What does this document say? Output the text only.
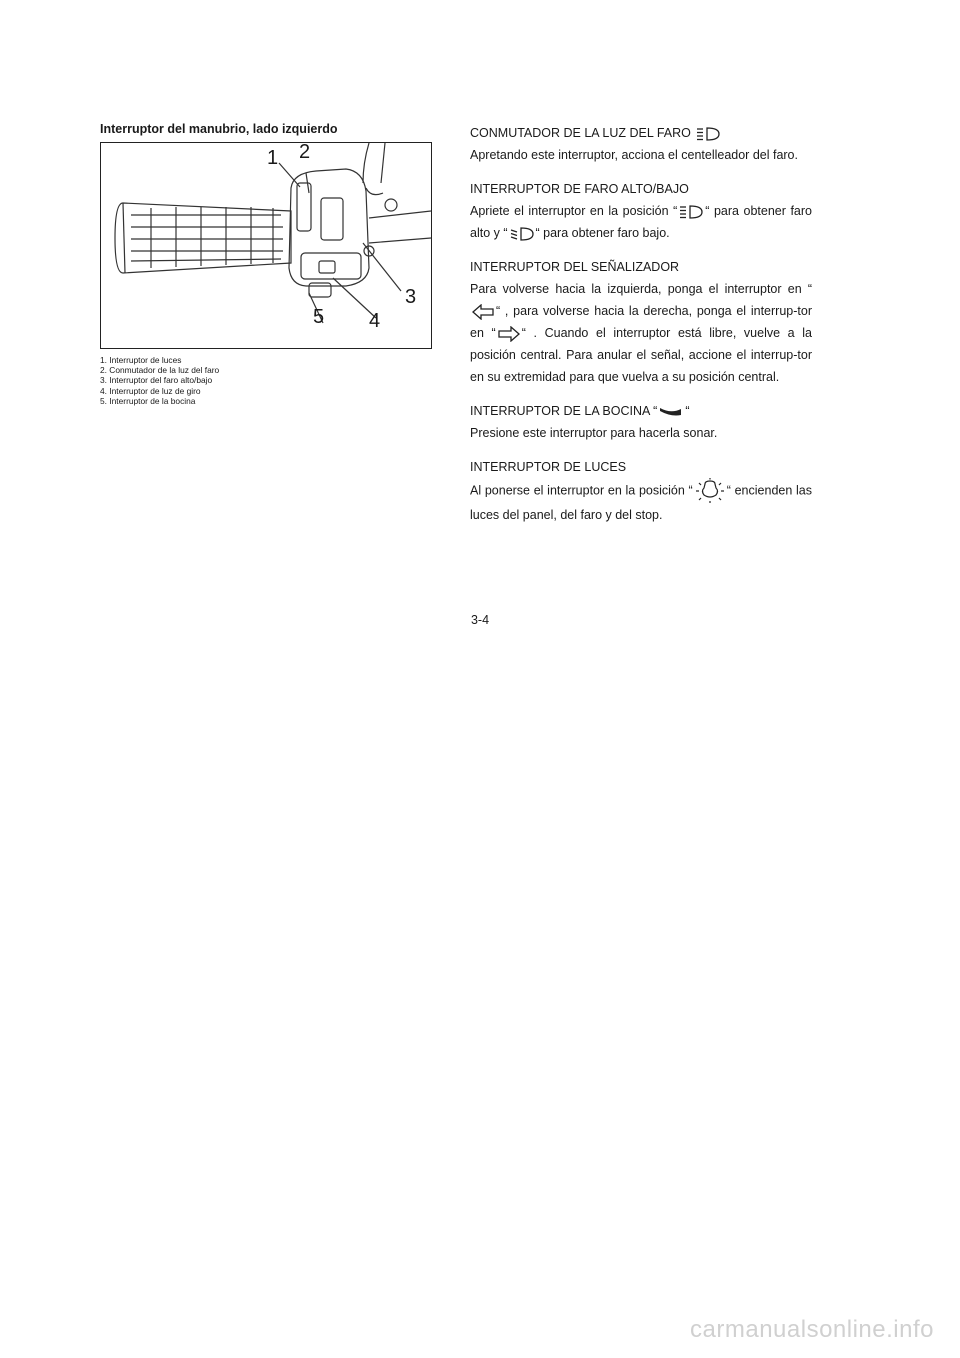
Interruptor del manubrio, lado izquierdo
1 2
3
4
5
1. Interruptor de luces
2. Conmutador de la luz del faro
3. Interruptor del faro alto/bajo
4. Interruptor de luz de giro
5. Interruptor de la bocina

CONMUTADOR DE LA LUZ DEL FARO

Apretando este interruptor, acciona el centelleador del faro.

INTERRUPTOR DE FARO ALTO/BAJO

Apriete el interruptor en la posición “ “ para obtener faro alto y “ “ para obtener faro bajo.

INTERRUPTOR DEL SEÑALIZADOR

Para volverse hacia la izquierda, ponga el interruptor en ““ , para volverse hacia la derecha, ponga el interrup-tor en “ “ . Cuando el interruptor está libre, vuelve a la posición central. Para anular el señal, accione el interrup-tor en su extremidad para que vuelva a su posición central.

INTERRUPTOR DE LA BOCINA “ “

Presione este interruptor para hacerla sonar.

INTERRUPTOR DE LUCES

Al ponerse el interruptor en la posición “	“ encienden las luces del panel, del faro y del stop.

3-4
carmanualsonline.info
